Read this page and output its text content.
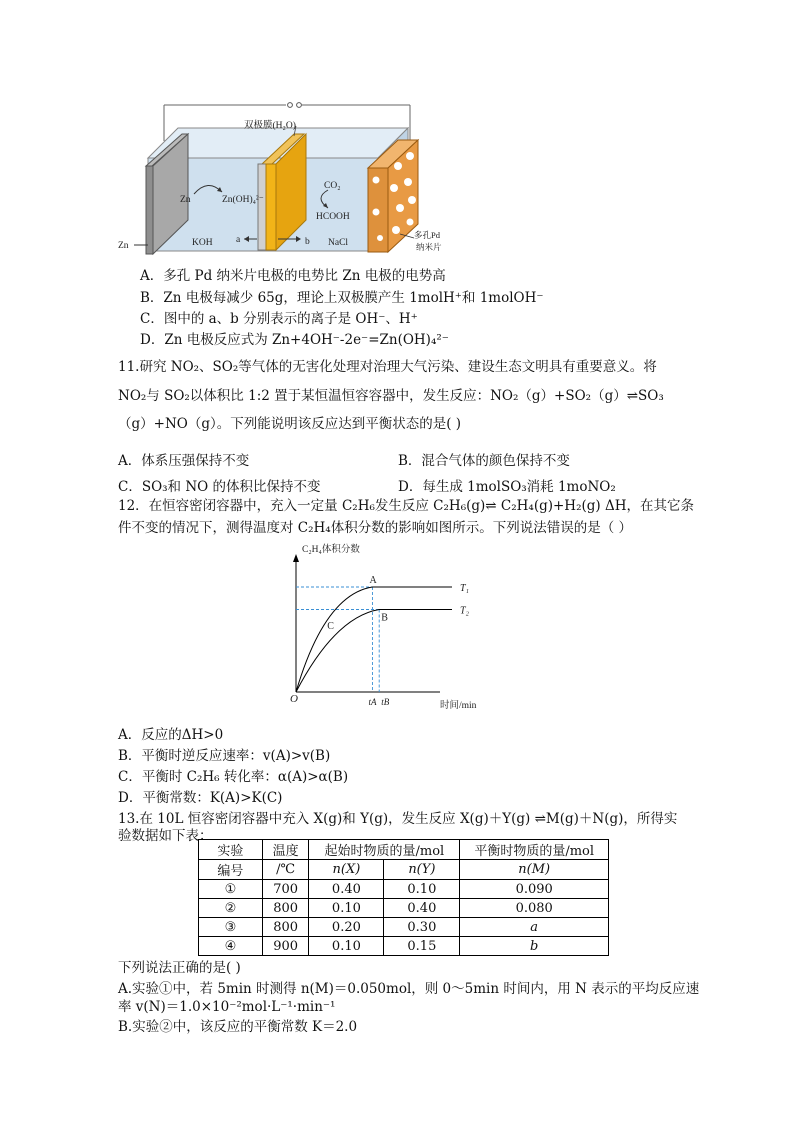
双极膜(H₂O)
Zn	Zn(OH)₄²⁻
CO₂
HCOOH
KOH	NaCl
a	b
Zn
多孔Pd
纳米片
A．多孔 Pd 纳米片电极的电势比 Zn 电极的电势高
B．Zn 电极每减少 65g，理论上双极膜产生 1molH⁺和 1molOH⁻
C．图中的 a、b 分别表示的离子是 OH⁻、H⁺
D．Zn 电极反应式为 Zn+4OH⁻-2e⁻=Zn(OH)₄²⁻
11.研究 NO₂、SO₂等气体的无害化处理对治理大气污染、建设生态文明具有重要意义。将
NO₂与 SO₂以体积比 1:2 置于某恒温恒容容器中，发生反应：NO₂（g）+SO₂（g）⇌SO₃
（g）+NO（g）。下列能说明该反应达到平衡状态的是( )
A．体系压强保持不变	B．混合气体的颜色保持不变
C．SO₃和 NO 的体积比保持不变	D．每生成 1molSO₃消耗 1moNO₂
12．在恒容密闭容器中，充入一定量 C₂H₆发生反应 C₂H₆(g)⇌ C₂H₄(g)+H₂(g) ΔH，在其它条
件不变的情况下，测得温度对 C₂H₄体积分数的影响如图所示。下列说法错误的是（ ）
C₂H₄体积分数
时间/min
O
A
B
C
T₁
T₂
tA tB
A．反应的ΔH>0
B．平衡时逆反应速率：v(A)>v(B)
C．平衡时 C₂H₆ 转化率：α(A)>α(B)
D．平衡常数：K(A)>K(C)
13.在 10L 恒容密闭容器中充入 X(g)和 Y(g)，发生反应 X(g)＋Y(g) ⇌M(g)＋N(g)，所得实
验数据如下表：
实验	温度	起始时物质的量/mol		平衡时物质的量/mol
编号	/℃	n(X)	n(Y)	n(M)
①	700	0.40	0.10	0.090
②	800	0.10	0.40	0.080
③	800	0.20	0.30	a
④	900	0.10	0.15	b
下列说法正确的是( )
A.实验①中，若 5min 时测得 n(M)＝0.050mol，则 0～5min 时间内，用 N 表示的平均反应速
率 v(N)＝1.0×10⁻²mol·L⁻¹·min⁻¹
B.实验②中，该反应的平衡常数 K＝2.0
